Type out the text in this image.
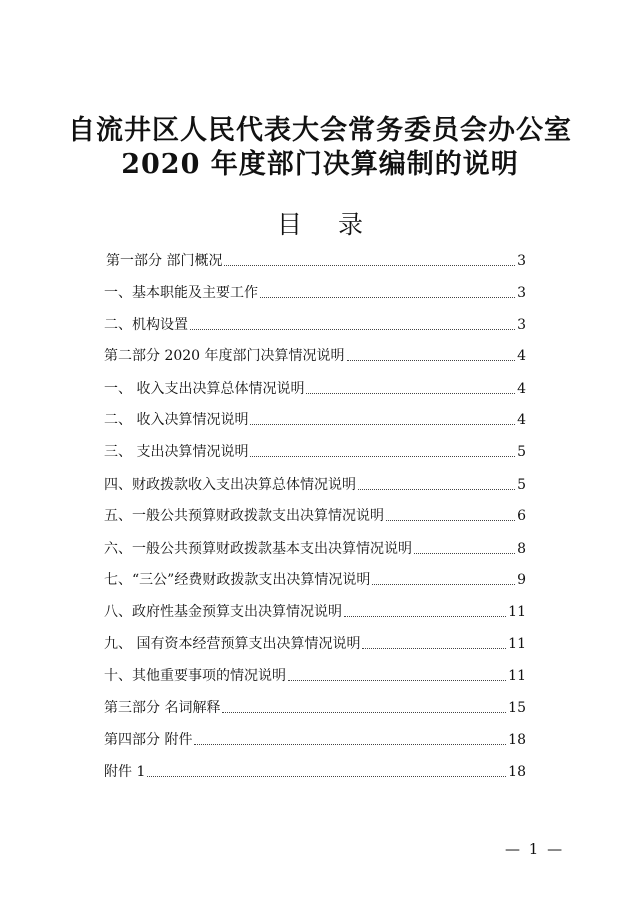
自流井区人民代表大会常务委员会办公室
2020 年度部门决算编制的说明
目 录
第一部分 部门概况	3
一、基本职能及主要工作	3
二、机构设置	3
第二部分 2020 年度部门决算情况说明	4
一、 收入支出决算总体情况说明	4
二、 收入决算情况说明	4
三、 支出决算情况说明	5
四、财政拨款收入支出决算总体情况说明	5
五、一般公共预算财政拨款支出决算情况说明	6
六、一般公共预算财政拨款基本支出决算情况说明	8
七、“三公”经费财政拨款支出决算情况说明	9
八、政府性基金预算支出决算情况说明	11
九、 国有资本经营预算支出决算情况说明	11
十、其他重要事项的情况说明	11
第三部分 名词解释	15
第四部分 附件	18
附件 1	18
— 1 —
